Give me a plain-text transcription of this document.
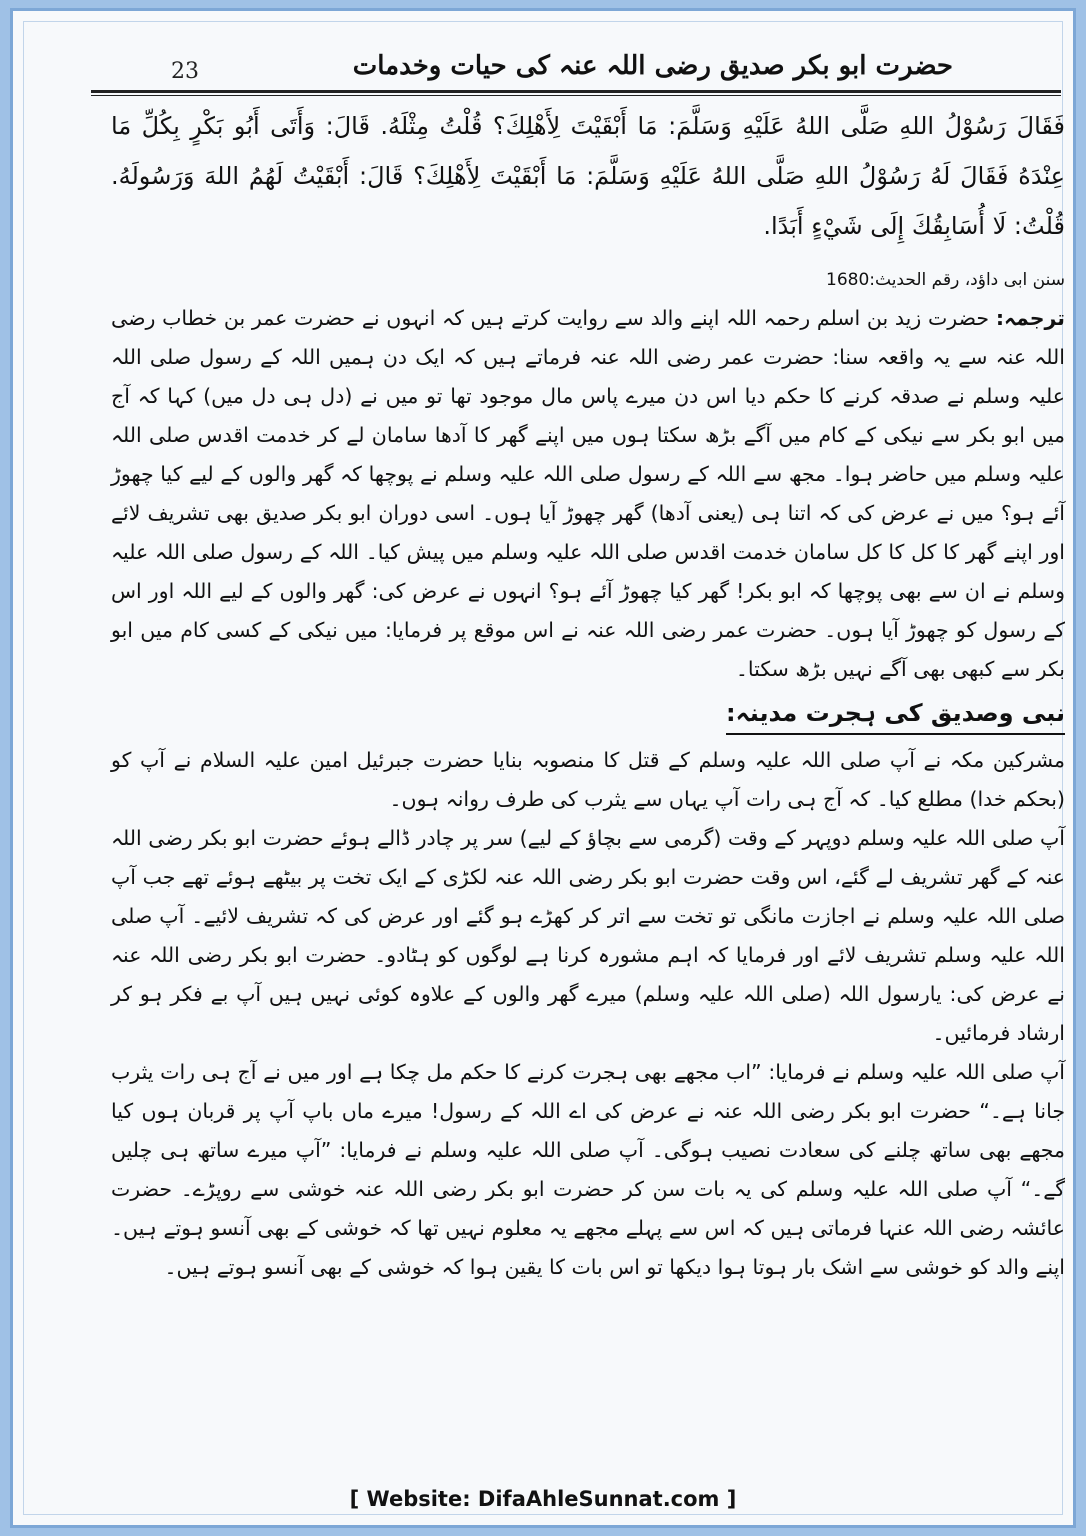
حضرت ابو بکر صدیق رضی اللہ عنہ کی حیات وخدمات
23

فَقَالَ رَسُوْلُ اللهِ صَلَّى اللهُ عَلَيْهِ وَسَلَّمَ: مَا أَبْقَيْتَ لِأَهْلِكَ؟ قُلْتُ مِثْلَهُ. قَالَ: وَأَتَى أَبُو بَكْرٍ بِكُلِّ مَا عِنْدَهُ فَقَالَ لَهُ رَسُوْلُ اللهِ صَلَّى اللهُ عَلَيْهِ وَسَلَّمَ: مَا أَبْقَيْتَ لِأَهْلِكَ؟ قَالَ: أَبْقَيْتُ لَهُمُ اللهَ وَرَسُولَهُ. قُلْتُ: لَا أُسَابِقُكَ إِلَى شَيْءٍ أَبَدًا.

سنن ابی داؤد، رقم الحدیث:1680

ترجمہ: حضرت زید بن اسلم رحمہ اللہ اپنے والد سے روایت کرتے ہیں کہ انہوں نے حضرت عمر بن خطاب رضی اللہ عنہ سے یہ واقعہ سنا: حضرت عمر رضی اللہ عنہ فرماتے ہیں کہ ایک دن ہمیں اللہ کے رسول صلی اللہ علیہ وسلم نے صدقہ کرنے کا حکم دیا اس دن میرے پاس مال موجود تھا تو میں نے (دل ہی دل میں) کہا کہ آج میں ابو بکر سے نیکی کے کام میں آگے بڑھ سکتا ہوں میں اپنے گھر کا آدھا سامان لے کر خدمت اقدس صلی اللہ علیہ وسلم میں حاضر ہوا۔ مجھ سے اللہ کے رسول صلی اللہ علیہ وسلم نے پوچھا کہ گھر والوں کے لیے کیا چھوڑ آئے ہو؟ میں نے عرض کی کہ اتنا ہی (یعنی آدھا) گھر چھوڑ آیا ہوں۔ اسی دوران ابو بکر صدیق بھی تشریف لائے اور اپنے گھر کا کل کا کل سامان خدمت اقدس صلی اللہ علیہ وسلم میں پیش کیا۔ اللہ کے رسول صلی اللہ علیہ وسلم نے ان سے بھی پوچھا کہ ابو بکر! گھر کیا چھوڑ آئے ہو؟ انہوں نے عرض کی: گھر والوں کے لیے اللہ اور اس کے رسول کو چھوڑ آیا ہوں۔ حضرت عمر رضی اللہ عنہ نے اس موقع پر فرمایا: میں نیکی کے کسی کام میں ابو بکر سے کبھی بھی آگے نہیں بڑھ سکتا۔

نبی وصدیق کی ہجرت مدینہ:

مشرکین مکہ نے آپ صلی اللہ علیہ وسلم کے قتل کا منصوبہ بنایا حضرت جبرئیل امین علیہ السلام نے آپ کو (بحکم خدا) مطلع کیا۔ کہ آج ہی رات آپ یہاں سے یثرب کی طرف روانہ ہوں۔

آپ صلی اللہ علیہ وسلم دوپہر کے وقت (گرمی سے بچاؤ کے لیے) سر پر چادر ڈالے ہوئے حضرت ابو بکر رضی اللہ عنہ کے گھر تشریف لے گئے، اس وقت حضرت ابو بکر رضی اللہ عنہ لکڑی کے ایک تخت پر بیٹھے ہوئے تھے جب آپ صلی اللہ علیہ وسلم نے اجازت مانگی تو تخت سے اتر کر کھڑے ہو گئے اور عرض کی کہ تشریف لائیے۔ آپ صلی اللہ علیہ وسلم تشریف لائے اور فرمایا کہ اہم مشورہ کرنا ہے لوگوں کو ہٹادو۔ حضرت ابو بکر رضی اللہ عنہ نے عرض کی: یارسول اللہ (صلی اللہ علیہ وسلم) میرے گھر والوں کے علاوہ کوئی نہیں ہیں آپ بے فکر ہو کر ارشاد فرمائیں۔

آپ صلی اللہ علیہ وسلم نے فرمایا: ”اب مجھے بھی ہجرت کرنے کا حکم مل چکا ہے اور میں نے آج ہی رات یثرب جانا ہے۔“ حضرت ابو بکر رضی اللہ عنہ نے عرض کی اے اللہ کے رسول! میرے ماں باپ آپ پر قربان ہوں کیا مجھے بھی ساتھ چلنے کی سعادت نصیب ہوگی۔ آپ صلی اللہ علیہ وسلم نے فرمایا: ”آپ میرے ساتھ ہی چلیں گے۔“ آپ صلی اللہ علیہ وسلم کی یہ بات سن کر حضرت ابو بکر رضی اللہ عنہ خوشی سے روپڑے۔ حضرت عائشہ رضی اللہ عنہا فرماتی ہیں کہ اس سے پہلے مجھے یہ معلوم نہیں تھا کہ خوشی کے بھی آنسو ہوتے ہیں۔ اپنے والد کو خوشی سے اشک بار ہوتا ہوا دیکھا تو اس بات کا یقین ہوا کہ خوشی کے بھی آنسو ہوتے ہیں۔

[ Website: DifaAhleSunnat.com ]
